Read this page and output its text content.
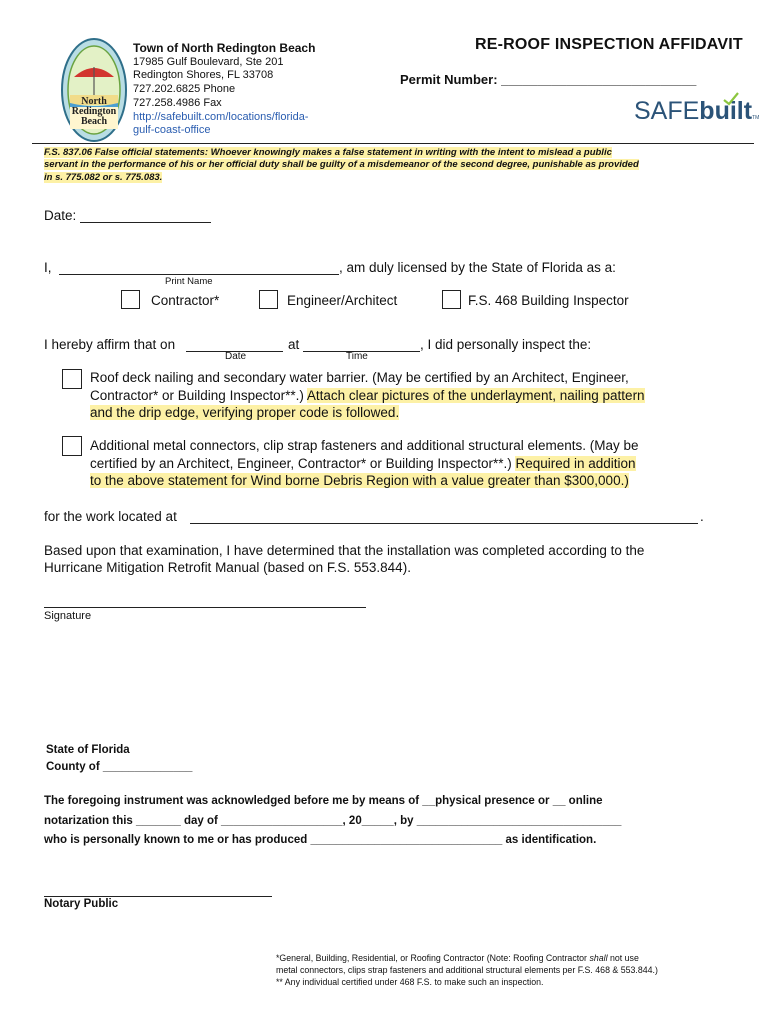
North
Redington
Beach
Town of North Redington Beach
17985 Gulf Boulevard, Ste 201
Redington Shores, FL 33708
727.202.6825 Phone
727.258.4986 Fax
http://safebuilt.com/locations/florida-
gulf-coast-office
RE-ROOF INSPECTION AFFIDAVIT
Permit Number: ___________________________
SAFEbuiltTM
F.S. 837.06 False official statements: Whoever knowingly makes a false statement in writing with the intent to mislead a public
servant in the performance of his or her official duty shall be guilty of a misdemeanor of the second degree, punishable as provided
in s. 775.082 or s. 775.083.
Date:
I,	, am duly licensed by the State of Florida as a:
Print Name
Contractor*	Engineer/Architect	F.S. 468 Building Inspector
I hereby affirm that on	at	, I did personally inspect the:
Date	Time
Roof deck nailing and secondary water barrier. (May be certified by an Architect, Engineer,
Contractor* or Building Inspector**.) Attach clear pictures of the underlayment, nailing pattern
and the drip edge, verifying proper code is followed.
Additional metal connectors, clip strap fasteners and additional structural elements. (May be
certified by an Architect, Engineer, Contractor* or Building Inspector**.) Required in addition
to the above statement for Wind borne Debris Region with a value greater than $300,000.)
for the work located at	.
Based upon that examination, I have determined that the installation was completed according to the
Hurricane Mitigation Retrofit Manual (based on F.S. 553.844).
Signature
State of Florida
County of ______________
The foregoing instrument was acknowledged before me by means of __physical presence or __ online
notarization this _______ day of ___________________, 20_____, by ________________________________
who is personally known to me or has produced ______________________________ as identification.
Notary Public
*General, Building, Residential, or Roofing Contractor (Note: Roofing Contractor shall not use
metal connectors, clips strap fasteners and additional structural elements per F.S. 468 & 553.844.)
** Any individual certified under 468 F.S. to make such an inspection.
